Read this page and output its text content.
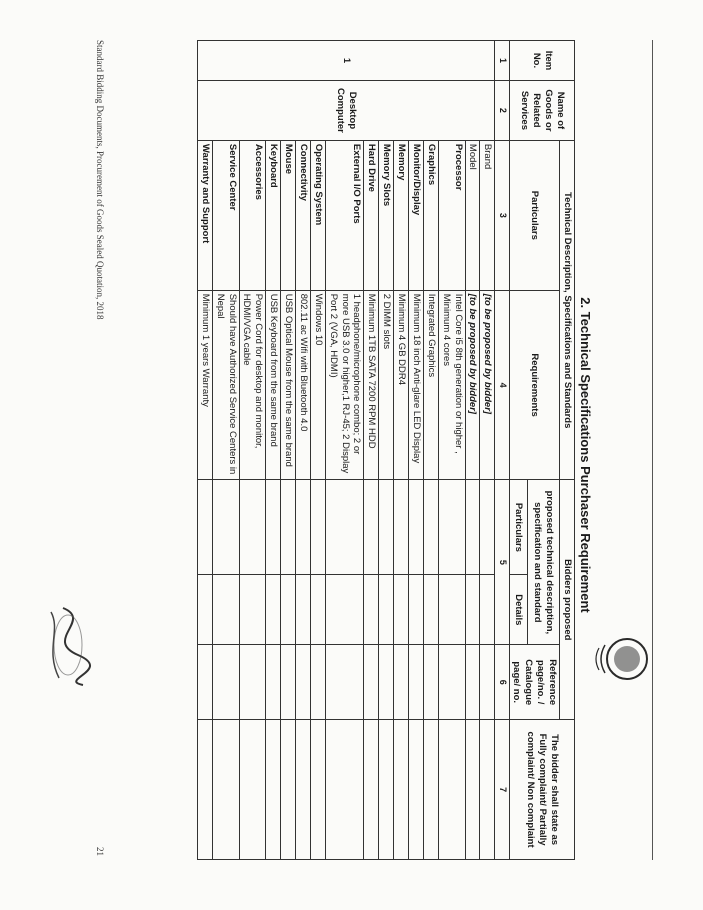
2. Technical Specifications Purchaser Requirement
Item No.	Name of Goods or Related Services	Technical Description, Specifications and Standards		Bidders proposed			The bidder shall state as Fully complaint/ Partially complaint/ Non complaint
		Particulars	Requirements	proposed technical description, specification and standard		Reference page/no. / Catalogue page/ no.	
				Particulars	Details		
1	2	3	4	5		6	7
1	Desktop Computer	Brand	[to be proposed by bidder]				
		Model	[to be proposed by bidder]				
		Processor	Intel Core i5 8th generation or higher , Minimum 4 cores				
		Graphics	Integrated Graphics				
		Monitor/Display	Minimum 18 inch Anti-glare LED Display				
		Memory	Minimum 4 GB DDR4				
		Memory Slots	2 DIMM slots				
		Hard Drive	Minimum 1TB SATA 7200 RPM HDD				
		External I/O Ports	1 headphone/microphone combo; 2 or more USB 3.0 or higher,1 RJ-45; 2 Display Port 2 (VGA, HDMI)				
		Operating System	Windows 10				
		Connectivity	802.11 ac Wifi with Bluetooth 4.0				
		Mouse	USB Optical Mouse from the same brand				
		Keyboard	USB Keyboard from the same brand				
		Accessories	Power Cord for desktop and monitor, HDMI/VGA cable				
		Service Center	Should have Authorized Service Centers in Nepal				
		Warranty and Support	Minimum 1 years Warranty				
Standard Bidding Documents, Procurement of Goods Sealed Quotation, 2018
21
